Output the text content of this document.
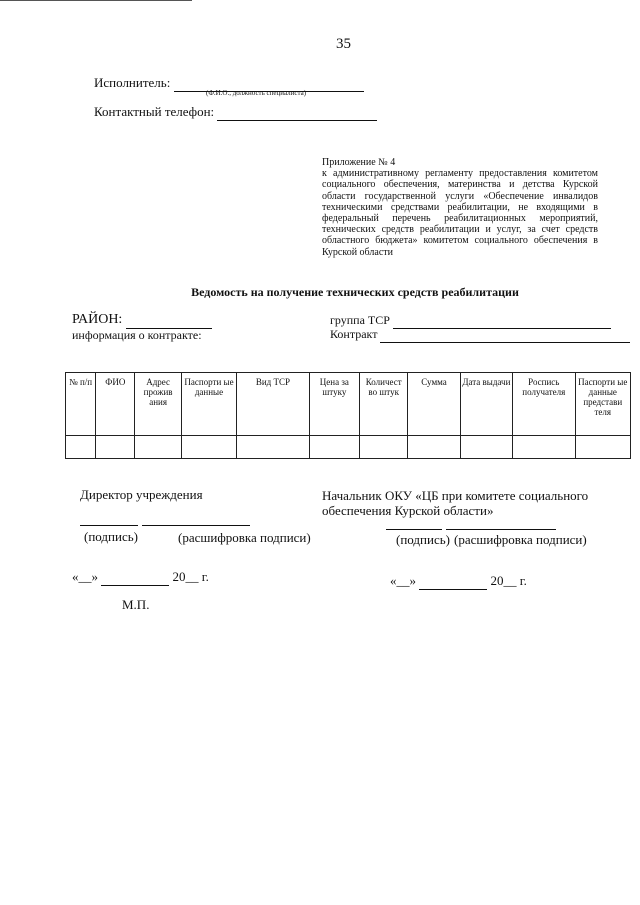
35
Исполнитель:
(Ф.И.О., должность специалиста)
Контактный телефон:
Приложение № 4
к административному регламенту предоставления комитетом социального обеспечения, материнства и детства Курской области государственной услуги «Обеспечение инвалидов техническими средствами реабилитации, не входящими в федеральный перечень реабилитационных мероприятий, технических средств реабилитации и услуг, за счет средств областного бюджета» комитетом социального обеспечения в Курской области
Ведомость на получение технических средств реабилитации
РАЙОН:
информация о контракте:
группа ТСР
Контракт
№ п/п	ФИО	Адрес прожив ания	Паспорти ые данные	Вид ТСР	Цена за штуку	Количест во штук	Сумма	Дата выдачи	Роспись получателя	Паспорти ые данные представи теля

Директор учреждения
(подпись)	(расшифровка подписи)
«__»	20__ г.
М.П.
Начальник ОКУ «ЦБ при комитете социального
обеспечения Курской области»
(подпись) (расшифровка подписи)
«__»	20__ г.
